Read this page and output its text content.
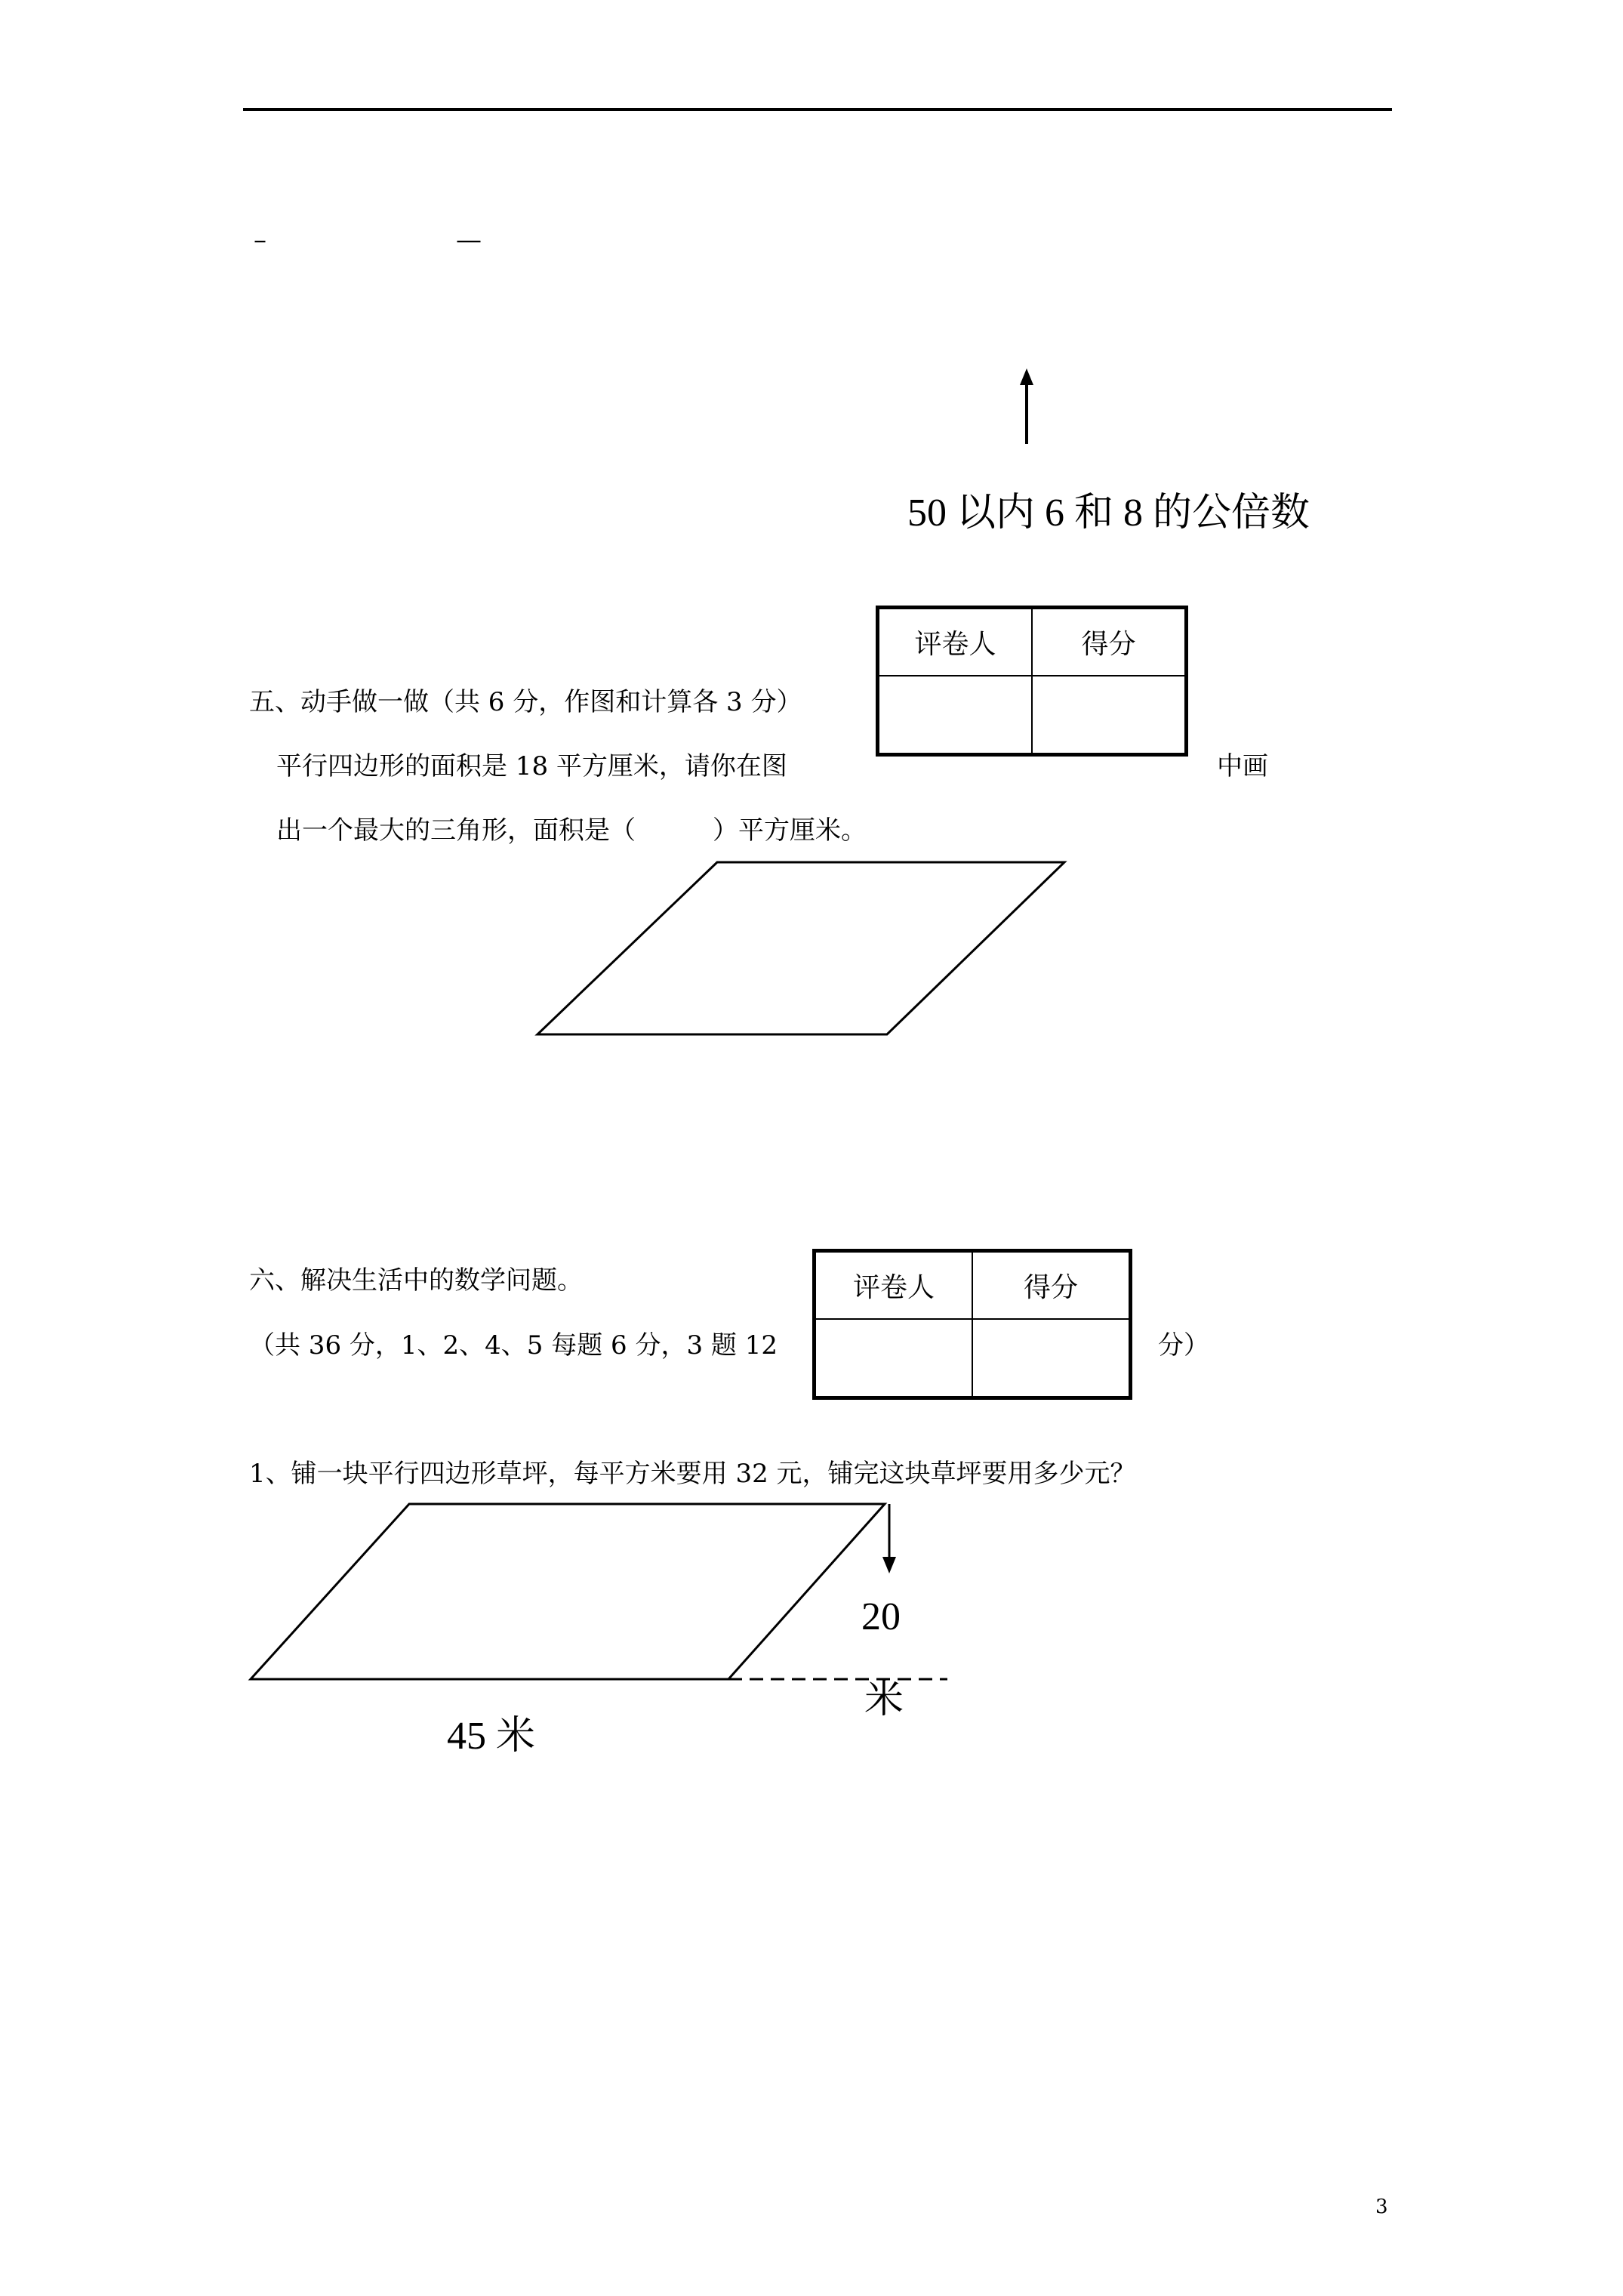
–	—
50 以内 6 和 8 的公倍数
评卷人	得分

五、动手做一做（共 6 分，作图和计算各 3 分）
平行四边形的面积是 18 平方厘米，请你在图	中画
出一个最大的三角形，面积是（　　　）平方厘米。
评卷人	得分

六、解决生活中的数学问题。
（共 36 分，1、2、4、5 每题 6 分，3 题 12	分）
1、铺一块平行四边形草坪，每平方米要用 32 元，铺完这块草坪要用多少元？
20
米
45 米
3
